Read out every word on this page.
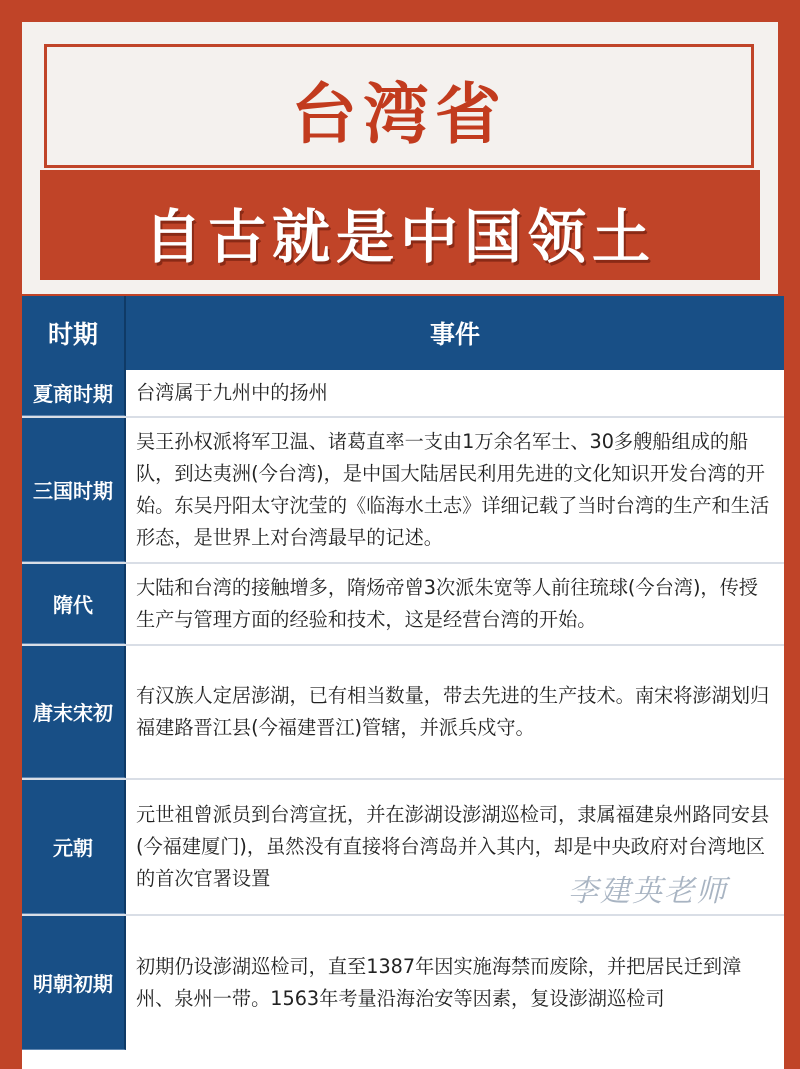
台湾省
自古就是中国领土
时期	事件
夏商时期	台湾属于九州中的扬州
三国时期
吴王孙权派将军卫温、诸葛直率一支由1万余名军士、30多艘船组成的船队，到达夷洲(今台湾)，是中国大陆居民利用先进的文化知识开发台湾的开始。东吴丹阳太守沈莹的《临海水土志》详细记载了当时台湾的生产和生活形态，是世界上对台湾最早的记述。
隋代
大陆和台湾的接触增多，隋炀帝曾3次派朱宽等人前往琉球(今台湾)，传授生产与管理方面的经验和技术，这是经营台湾的开始。
唐末宋初
有汉族人定居澎湖，已有相当数量，带去先进的生产技术。南宋将澎湖划归福建路晋江县(今福建晋江)管辖，并派兵戍守。
元朝
元世祖曾派员到台湾宣抚，并在澎湖设澎湖巡检司，隶属福建泉州路同安县(今福建厦门)，虽然没有直接将台湾岛并入其内，却是中央政府对台湾地区的首次官署设置
明朝初期
初期仍设澎湖巡检司，直至1387年因实施海禁而废除，并把居民迁到漳州、泉州一带。1563年考量沿海治安等因素，复设澎湖巡检司
李建英老师
